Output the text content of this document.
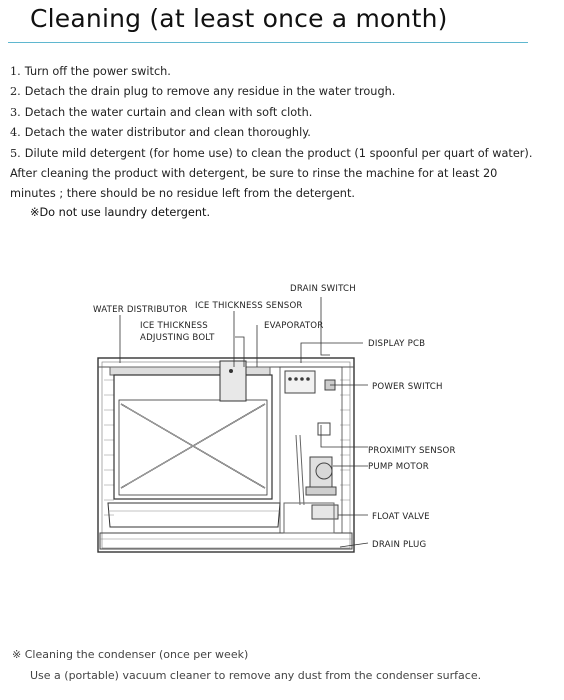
Cleaning (at least once a month)
1. Turn off the power switch.
2. Detach the drain plug to remove any residue in the water trough.
3. Detach the water curtain and clean with soft cloth.
4. Detach the water distributor and clean thoroughly.
5. Dilute mild detergent (for home use) to clean the product (1 spoonful per quart of water). After cleaning the product with detergent, be sure to rinse the machine for at least 20 minutes ; there should be no residue left from the detergent.
※Do not use laundry detergent.
DRAIN SWITCH
WATER DISTRIBUTOR ICE THICKNESS SENSOR
ICE THICKNESS
ADJUSTING BOLT
EVAPORATOR
DISPLAY PCB
POWER SWITCH
PROXIMITY SENSOR
PUMP MOTOR
FLOAT VALVE
DRAIN PLUG
※ Cleaning the condenser (once per week)
Use a (portable) vacuum cleaner to remove any dust from the condenser surface.
